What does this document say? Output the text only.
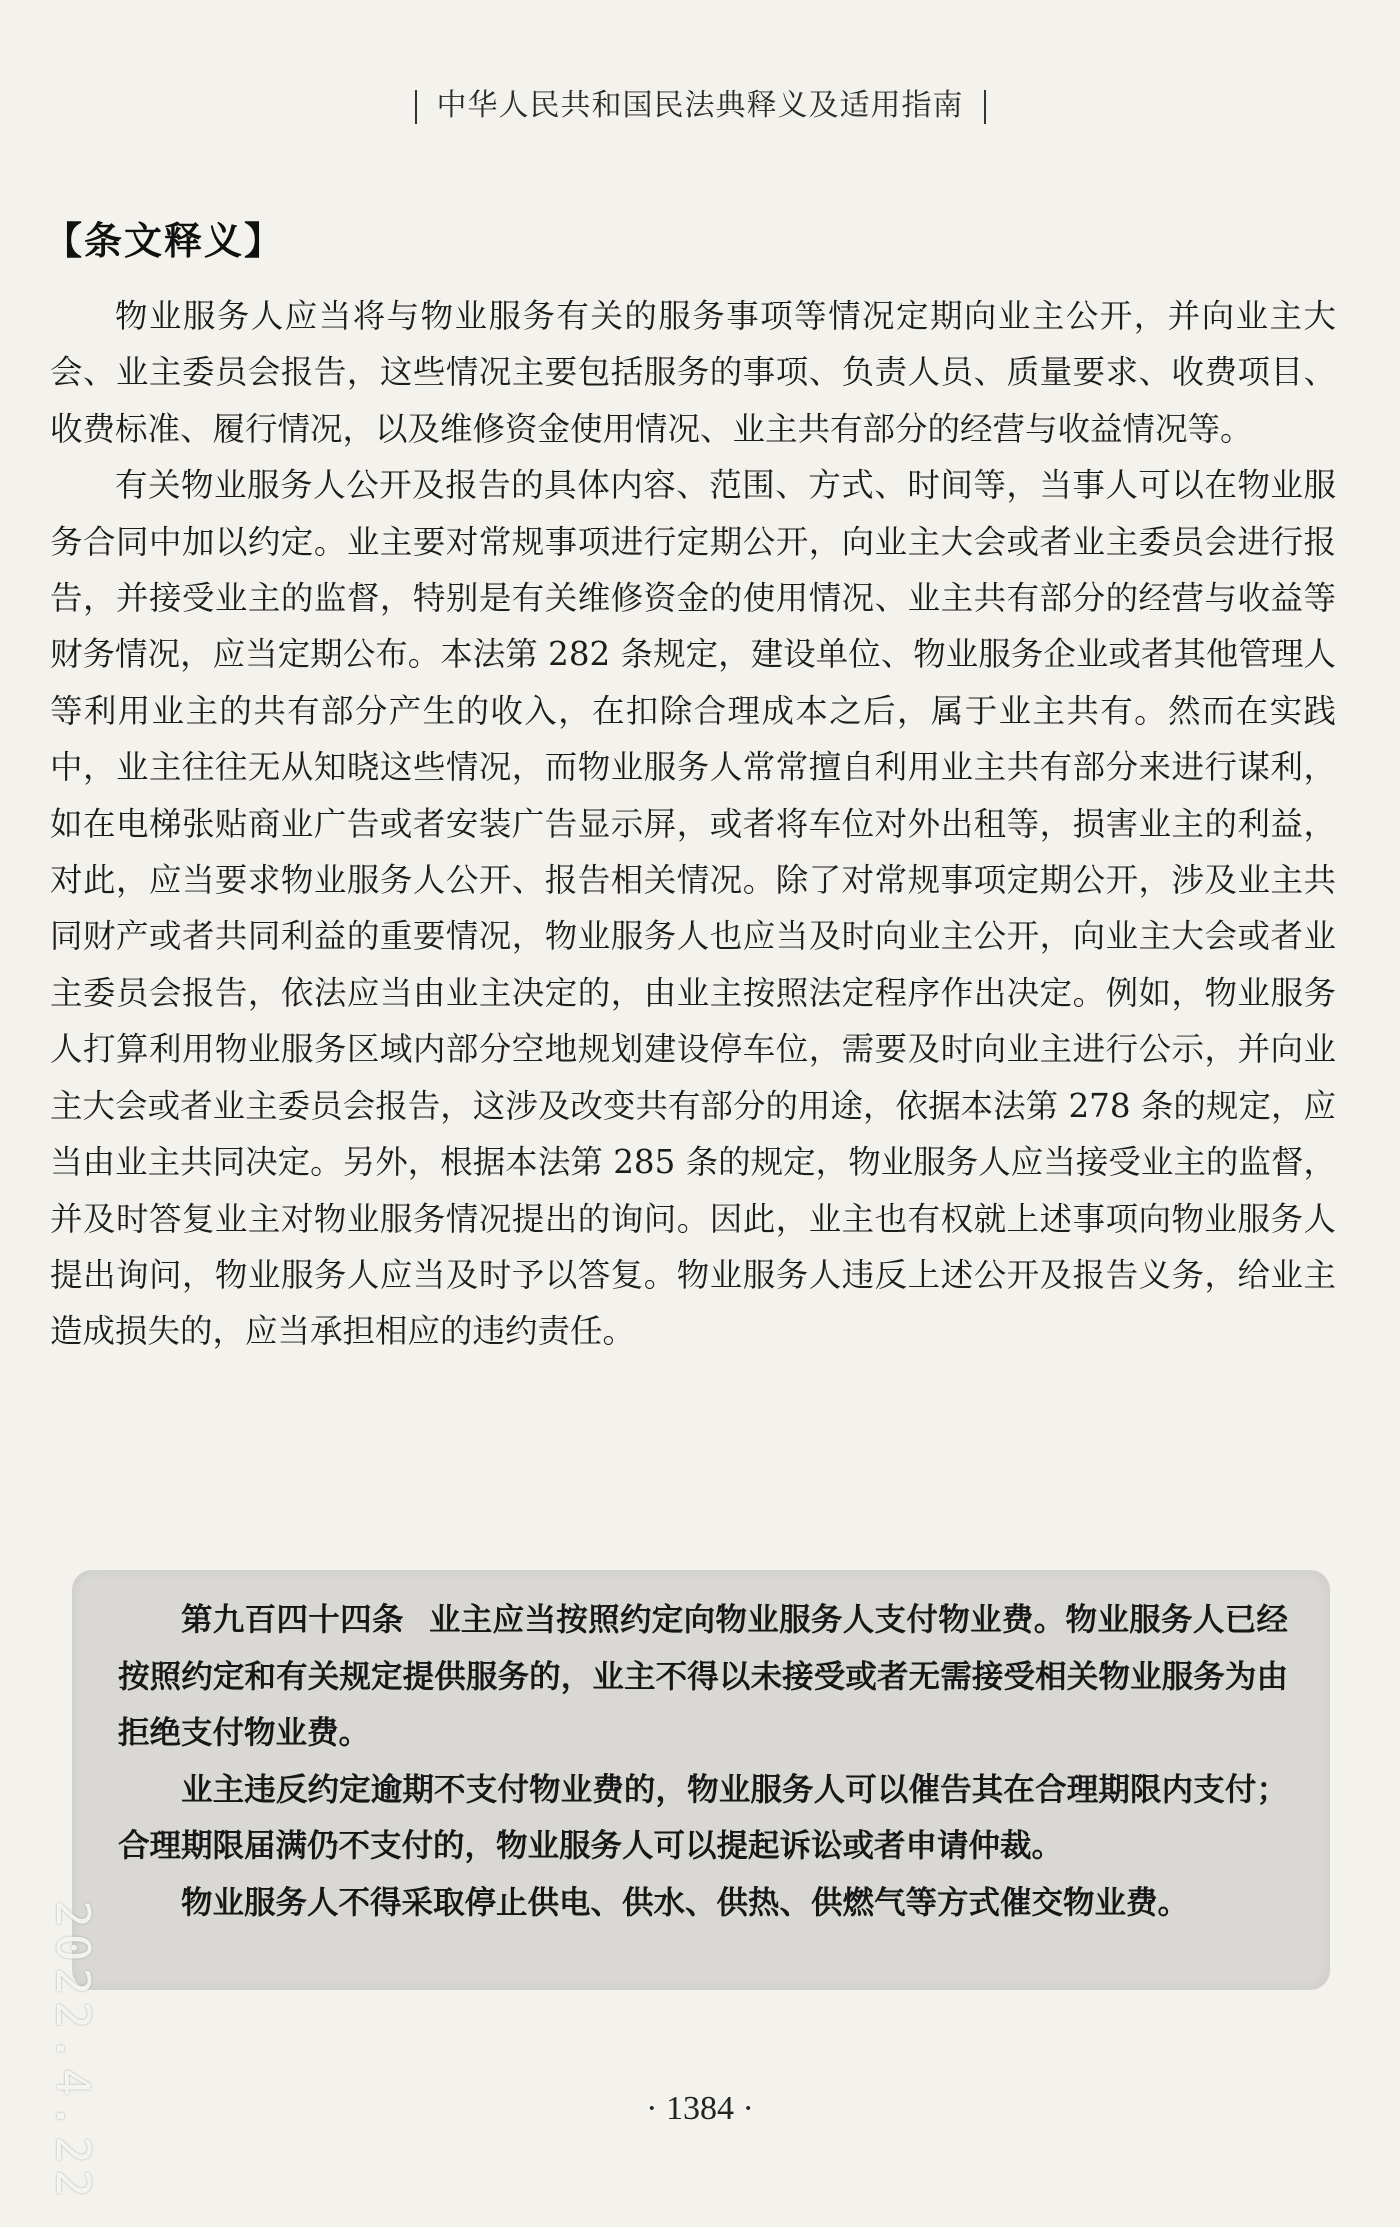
中华人民共和国民法典释义及适用指南
【条文释义】

物业服务人应当将与物业服务有关的服务事项等情况定期向业主公开，并向业主大会、业主委员会报告，这些情况主要包括服务的事项、负责人员、质量要求、收费项目、收费标准、履行情况，以及维修资金使用情况、业主共有部分的经营与收益情况等。

有关物业服务人公开及报告的具体内容、范围、方式、时间等，当事人可以在物业服务合同中加以约定。业主要对常规事项进行定期公开，向业主大会或者业主委员会进行报告，并接受业主的监督，特别是有关维修资金的使用情况、业主共有部分的经营与收益等财务情况，应当定期公布。本法第 282 条规定，建设单位、物业服务企业或者其他管理人等利用业主的共有部分产生的收入，在扣除合理成本之后，属于业主共有。然而在实践中，业主往往无从知晓这些情况，而物业服务人常常擅自利用业主共有部分来进行谋利，如在电梯张贴商业广告或者安装广告显示屏，或者将车位对外出租等，损害业主的利益，对此，应当要求物业服务人公开、报告相关情况。除了对常规事项定期公开，涉及业主共同财产或者共同利益的重要情况，物业服务人也应当及时向业主公开，向业主大会或者业主委员会报告，依法应当由业主决定的，由业主按照法定程序作出决定。例如，物业服务人打算利用物业服务区域内部分空地规划建设停车位，需要及时向业主进行公示，并向业主大会或者业主委员会报告，这涉及改变共有部分的用途，依据本法第 278 条的规定，应当由业主共同决定。另外，根据本法第 285 条的规定，物业服务人应当接受业主的监督，并及时答复业主对物业服务情况提出的询问。因此，业主也有权就上述事项向物业服务人提出询问，物业服务人应当及时予以答复。物业服务人违反上述公开及报告义务，给业主造成损失的，应当承担相应的违约责任。

第九百四十四条 业主应当按照约定向物业服务人支付物业费。物业服务人已经按照约定和有关规定提供服务的，业主不得以未接受或者无需接受相关物业服务为由拒绝支付物业费。

业主违反约定逾期不支付物业费的，物业服务人可以催告其在合理期限内支付；合理期限届满仍不支付的，物业服务人可以提起诉讼或者申请仲裁。

物业服务人不得采取停止供电、供水、供热、供燃气等方式催交物业费。

· 1384 ·
2022.4.22
